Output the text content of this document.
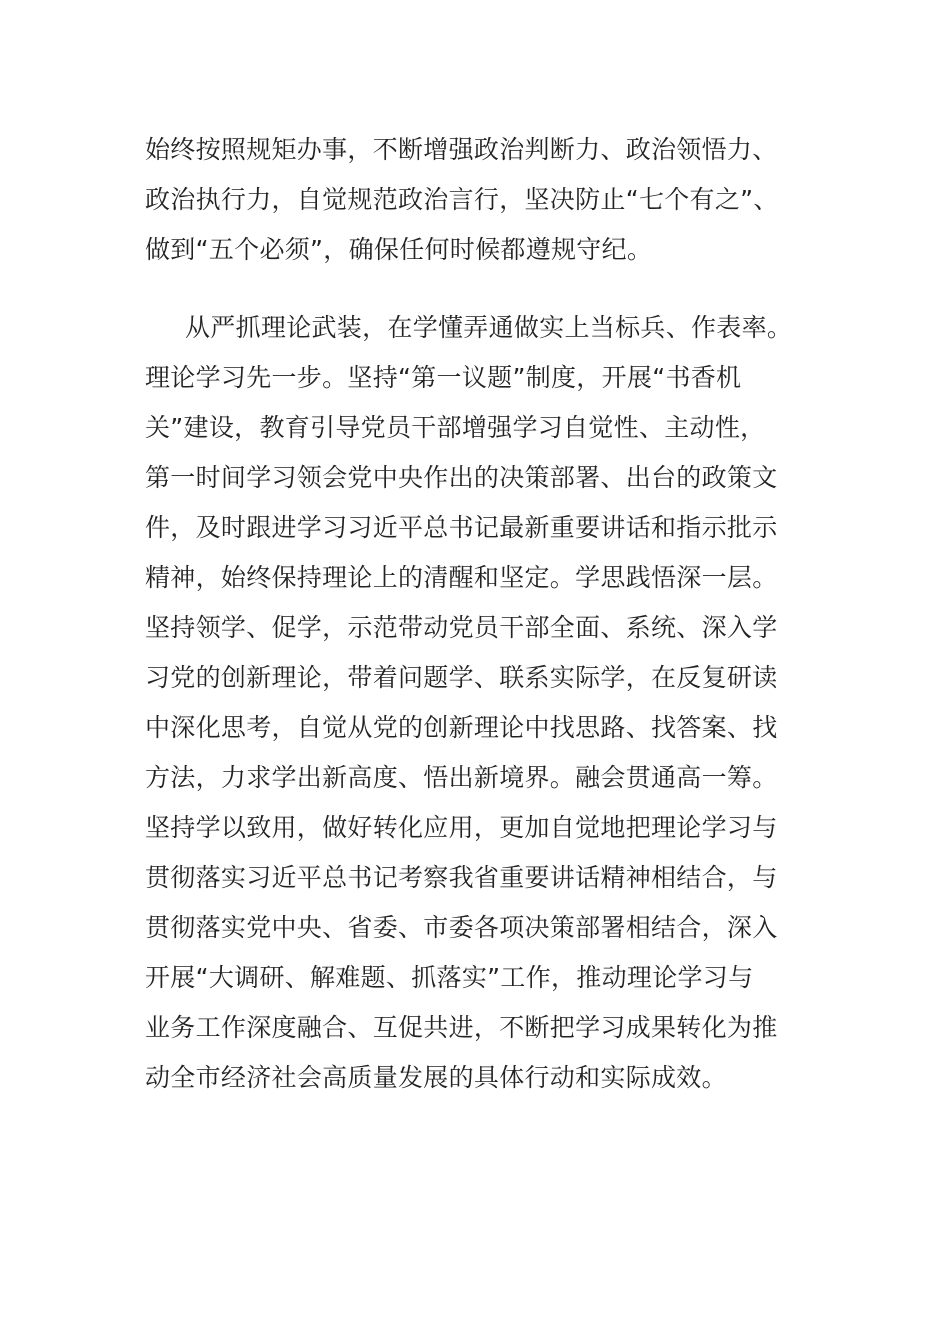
始终按照规矩办事，不断增强政治判断力、政治领悟力、
政治执行力，自觉规范政治言行，坚决防止“七个有之”、
做到“五个必须”，确保任何时候都遵规守纪。
从严抓理论武装，在学懂弄通做实上当标兵、作表率。
理论学习先一步。坚持“第一议题”制度，开展“书香机
关”建设，教育引导党员干部增强学习自觉性、主动性，
第一时间学习领会党中央作出的决策部署、出台的政策文
件，及时跟进学习习近平总书记最新重要讲话和指示批示
精神，始终保持理论上的清醒和坚定。学思践悟深一层。
坚持领学、促学，示范带动党员干部全面、系统、深入学
习党的创新理论，带着问题学、联系实际学，在反复研读
中深化思考，自觉从党的创新理论中找思路、找答案、找
方法，力求学出新高度、悟出新境界。融会贯通高一筹。
坚持学以致用，做好转化应用，更加自觉地把理论学习与
贯彻落实习近平总书记考察我省重要讲话精神相结合，与
贯彻落实党中央、省委、市委各项决策部署相结合，深入
开展“大调研、解难题、抓落实”工作，推动理论学习与
业务工作深度融合、互促共进，不断把学习成果转化为推
动全市经济社会高质量发展的具体行动和实际成效。
